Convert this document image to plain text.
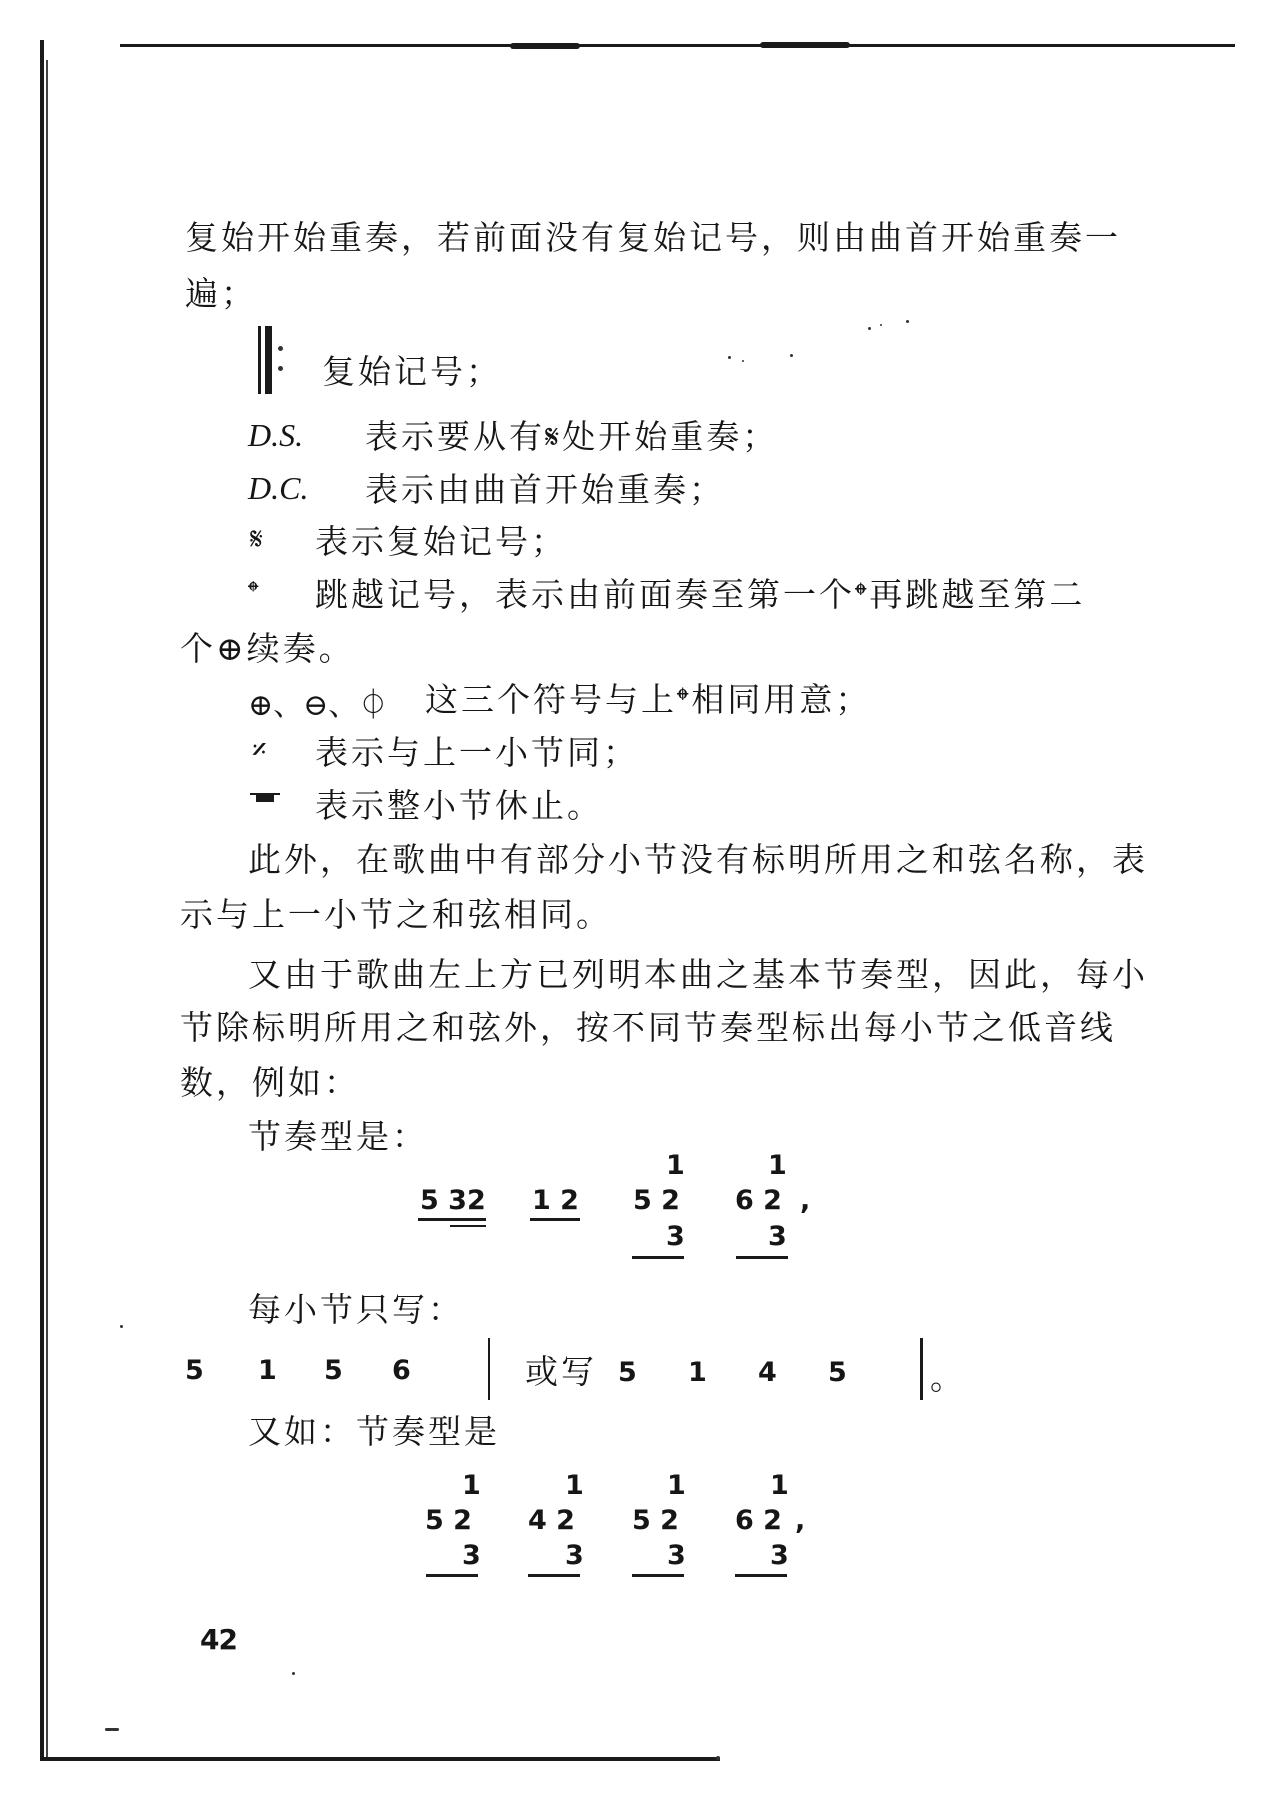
复始开始重奏，若前面没有复始记号，则由曲首开始重奏一
遍；
复始记号；
D.S. 表示要从有𝄋处开始重奏；
D.C. 表示由曲首开始重奏；
𝄋 表示复始记号；
𝄌 跳越记号，表示由前面奏至第一个𝄌再跳越至第二
个⊕续奏。
⊕、⊖、⏀ 这三个符号与上𝄌相同用意；
𝄎 表示与上一小节同；
表示整小节休止。
此外，在歌曲中有部分小节没有标明所用之和弦名称，表
示与上一小节之和弦相同。
又由于歌曲左上方已列明本曲之基本节奏型，因此，每小
节除标明所用之和弦外，按不同节奏型标出每小节之低音线
数，例如：
节奏型是：
5 32 1 2
1
5 2
3
1
6 2
3
,
每小节只写：
5 1 5 6	或写 5 1 4 5	。
又如：节奏型是
1
5 2
3
1
4 2
3
1
5 2
3
1
6 2
3
,
42
